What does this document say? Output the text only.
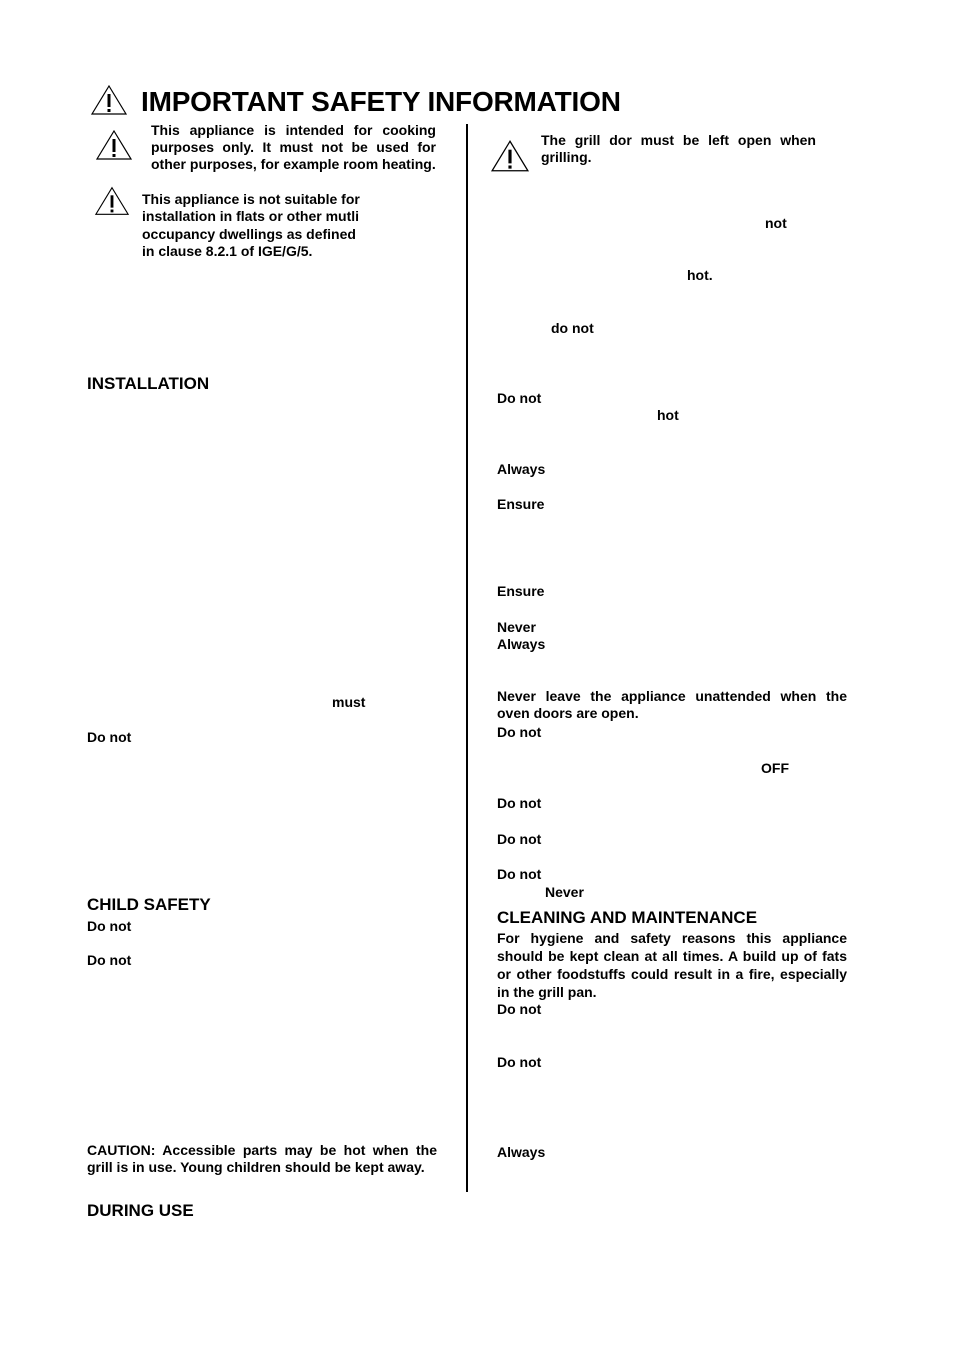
IMPORTANT SAFETY INFORMATION
This appliance is intended for cooking purposes only. It must not be used for other purposes, for example room heating.
This appliance is not suitable for
installation in flats or other mutli
occupancy dwellings as defined
in clause 8.2.1 of IGE/G/5.
INSTALLATION
must
Do not
CHILD SAFETY
Do not
Do not
CAUTION: Accessible parts may be hot when the grill is in use. Young children should be kept away.
DURING USE
The grill dor must be left open when grilling.
not
hot.
do not
Do not
hot
Always
Ensure
Ensure
Never
Always
Never leave the appliance unattended when the oven doors are open.
Do not
OFF
Do not
Do not
Do not
Never
CLEANING AND MAINTENANCE
For hygiene and safety reasons this appliance should be kept clean at all times. A build up of fats or other foodstuffs could result in a fire, especially in the grill pan.
Do not
Do not
Always
